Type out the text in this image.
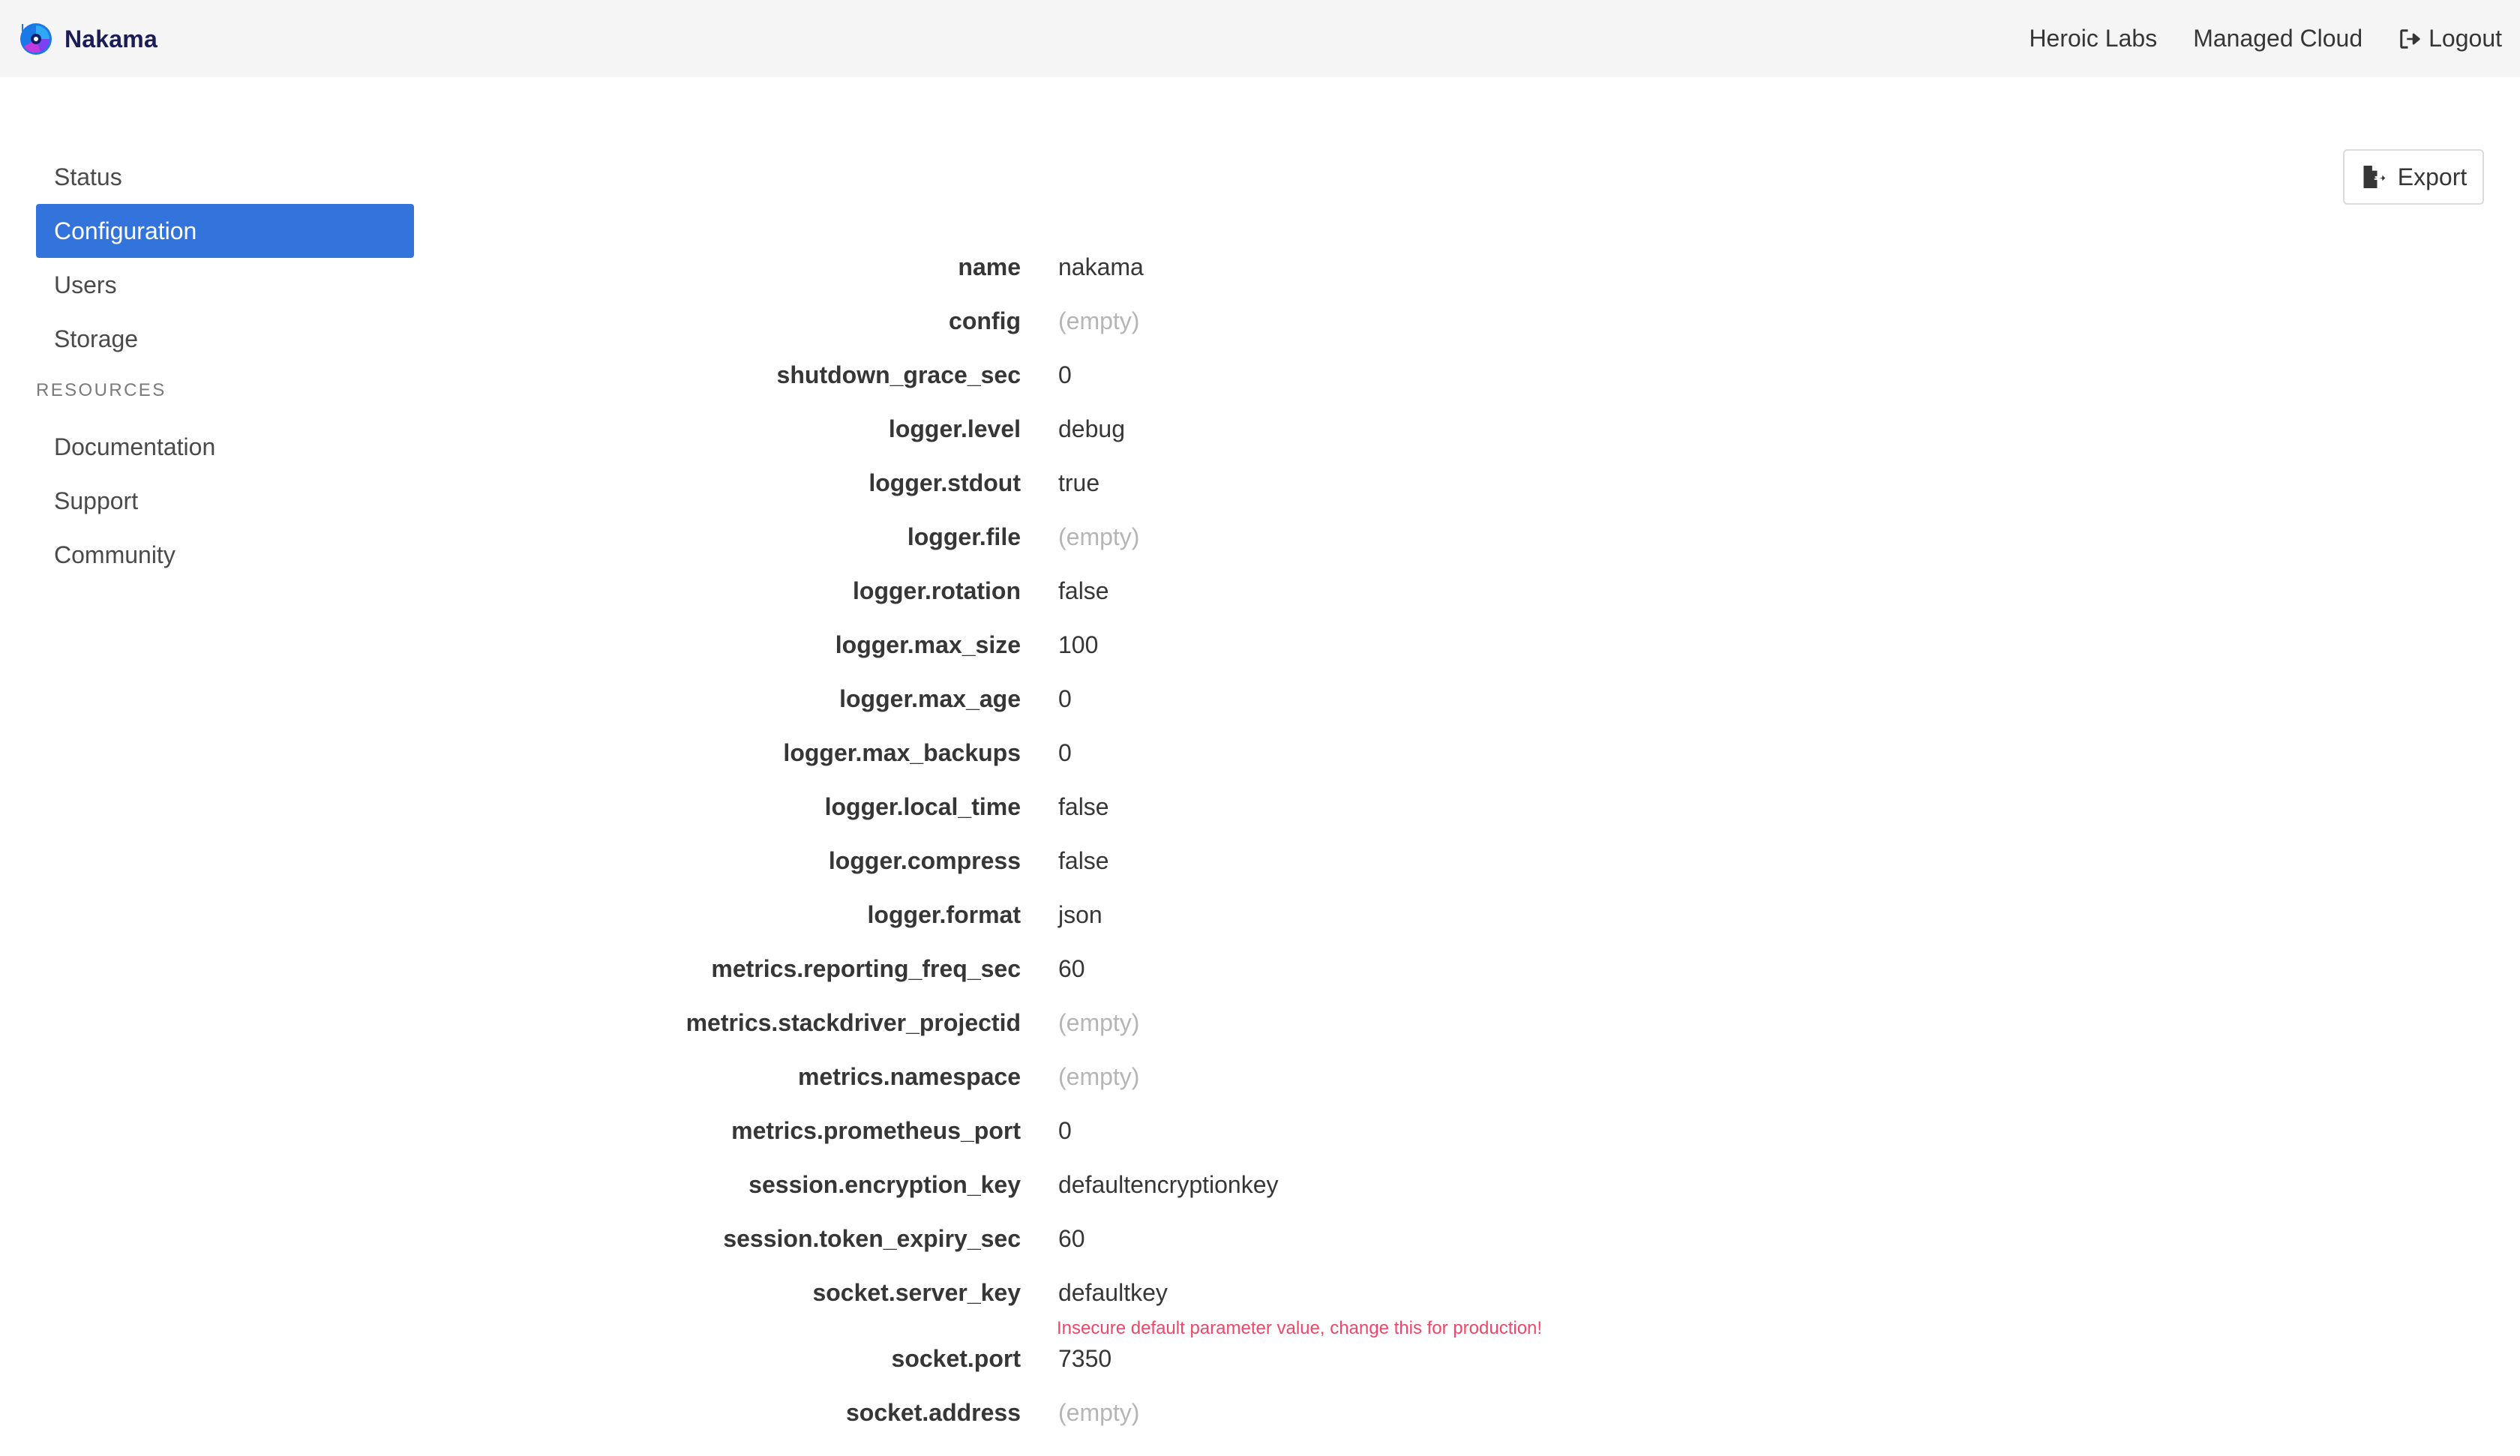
Nakama	Heroic Labs Managed Cloud	Logout
Status
Configuration
Users
Storage
RESOURCES
Documentation
Support
Community
Export
name nakama
config (empty)
shutdown_grace_sec 0
logger.level debug
logger.stdout true
logger.file (empty)
logger.rotation false
logger.max_size 100
logger.max_age 0
logger.max_backups 0
logger.local_time false
logger.compress false
logger.format json
metrics.reporting_freq_sec 60
metrics.stackdriver_projectid (empty)
metrics.namespace (empty)
metrics.prometheus_port 0
session.encryption_key defaultencryptionkey
session.token_expiry_sec 60
socket.server_key defaultkey
Insecure default parameter value, change this for production!
socket.port 7350
socket.address (empty)
